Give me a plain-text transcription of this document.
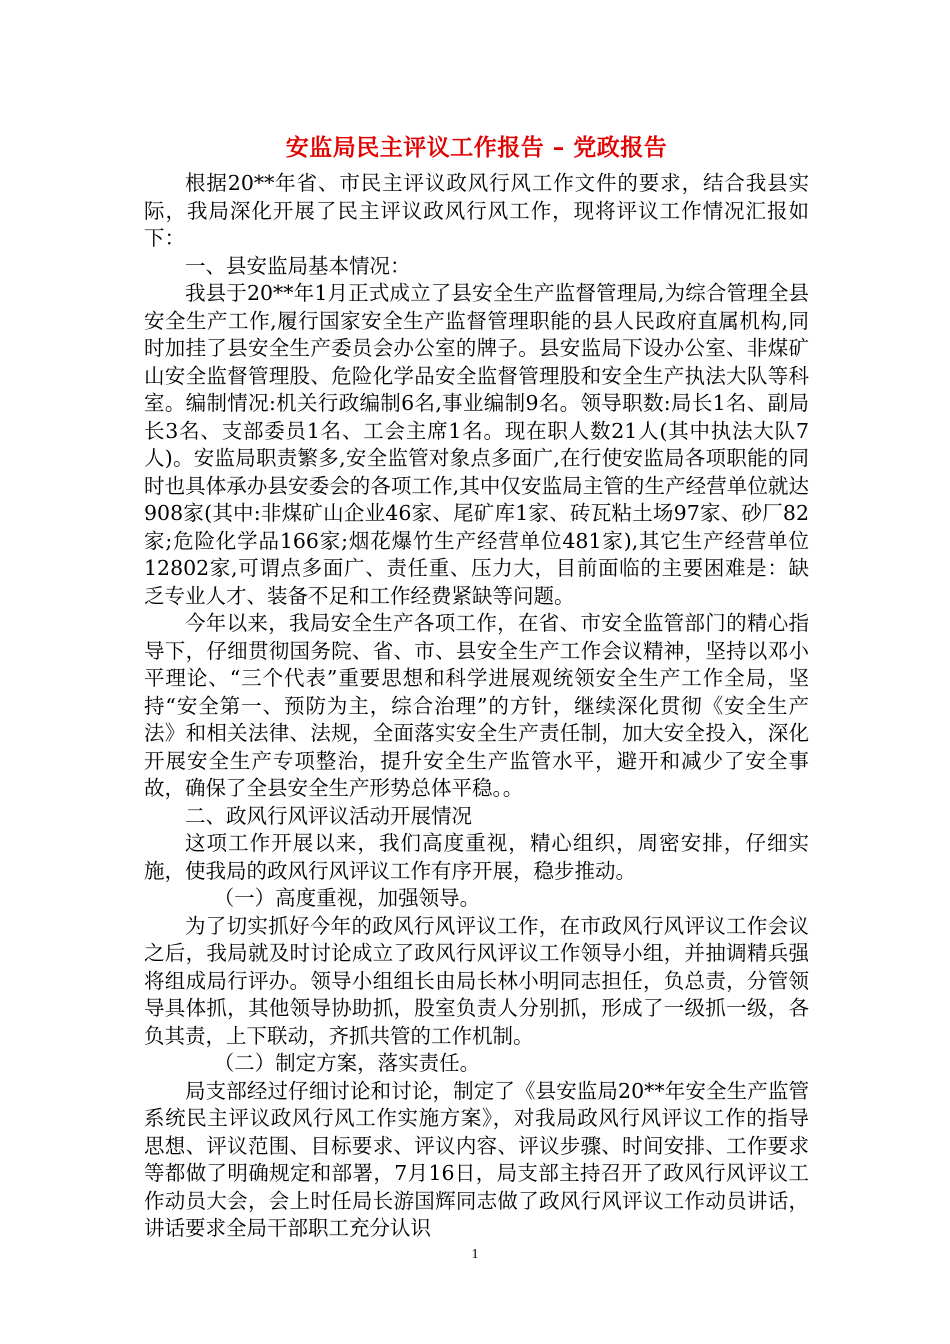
安监局民主评议工作报告 – 党政报告

根据20**年省、市民主评议政风行风工作文件的要求，结合我县实际，我局深化开展了民主评议政风行风工作，现将评议工作情况汇报如下：

一、县安监局基本情况：

我县于20**年1月正式成立了县安全生产监督管理局,为综合管理全县安全生产工作,履行国家安全生产监督管理职能的县人民政府直属机构,同时加挂了县安全生产委员会办公室的牌子。县安监局下设办公室、非煤矿山安全监督管理股、危险化学品安全监督管理股和安全生产执法大队等科室。编制情况:机关行政编制6名,事业编制9名。领导职数:局长1名、副局长3名、支部委员1名、工会主席1名。现在职人数21人(其中执法大队7人)。安监局职责繁多,安全监管对象点多面广,在行使安监局各项职能的同时也具体承办县安委会的各项工作,其中仅安监局主管的生产经营单位就达908家(其中:非煤矿山企业46家、尾矿库1家、砖瓦粘土场97家、砂厂82家;危险化学品166家;烟花爆竹生产经营单位481家),其它生产经营单位12802家,可谓点多面广、责任重、压力大，目前面临的主要困难是：缺乏专业人才、装备不足和工作经费紧缺等问题。

今年以来，我局安全生产各项工作，在省、市安全监管部门的精心指导下，仔细贯彻国务院、省、市、县安全生产工作会议精神，坚持以邓小平理论、“三个代表”重要思想和科学进展观统领安全生产工作全局，坚持“安全第一、预防为主，综合治理”的方针，继续深化贯彻《安全生产法》和相关法律、法规，全面落实安全生产责任制，加大安全投入，深化开展安全生产专项整治，提升安全生产监管水平，避开和减少了安全事故，确保了全县安全生产形势总体平稳。。

二、政风行风评议活动开展情况

这项工作开展以来，我们高度重视，精心组织，周密安排，仔细实施，使我局的政风行风评议工作有序开展，稳步推动。

（一）高度重视，加强领导。

为了切实抓好今年的政风行风评议工作，在市政风行风评议工作会议之后，我局就及时讨论成立了政风行风评议工作领导小组，并抽调精兵强将组成局行评办。领导小组组长由局长林小明同志担任，负总责，分管领导具体抓，其他领导协助抓，股室负责人分别抓，形成了一级抓一级，各负其责，上下联动，齐抓共管的工作机制。

（二）制定方案，落实责任。

局支部经过仔细讨论和讨论，制定了《县安监局20**年安全生产监管系统民主评议政风行风工作实施方案》，对我局政风行风评议工作的指导思想、评议范围、目标要求、评议内容、评议步骤、时间安排、工作要求等都做了明确规定和部署，7月16日，局支部主持召开了政风行风评议工作动员大会，会上时任局长游国辉同志做了政风行风评议工作动员讲话，讲话要求全局干部职工充分认识

1
